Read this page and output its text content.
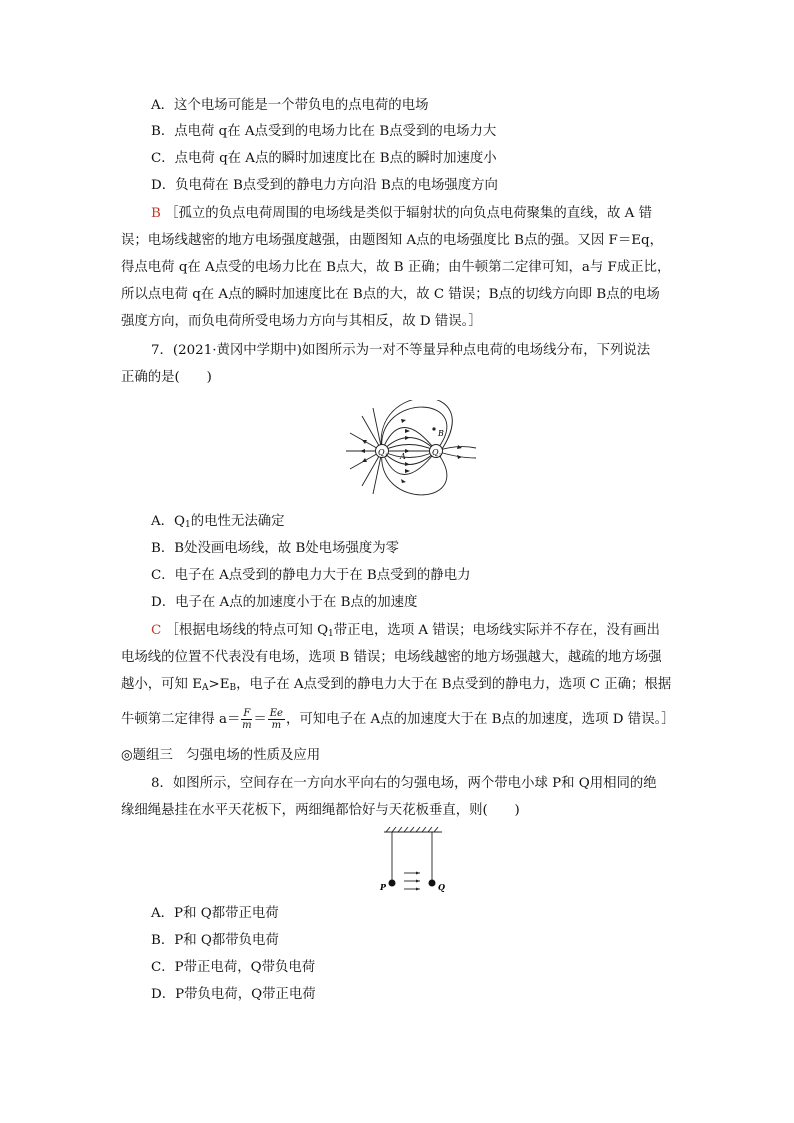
A．这个电场可能是一个带负电的点电荷的电场
B．点电荷 q在 A点受到的电场力比在 B点受到的电场力大
C．点电荷 q在 A点的瞬时加速度比在 B点的瞬时加速度小
D．负电荷在 B点受到的静电力方向沿 B点的电场强度方向
B ［孤立的负点电荷周围的电场线是类似于辐射状的向负点电荷聚集的直线，故 A 错
误；电场线越密的地方电场强度越强，由题图知 A点的电场强度比 B点的强。又因 F＝Eq，
得点电荷 q在 A点受的电场力比在 B点大，故 B 正确；由牛顿第二定律可知，a与 F成正比，
所以点电荷 q在 A点的瞬时加速度比在 B点的大，故 C 错误；B点的切线方向即 B点的电场
强度方向，而负电荷所受电场力方向与其相反，故 D 错误。］
7．(2021·黄冈中学期中)如图所示为一对不等量异种点电荷的电场线分布，下列说法
正确的是(　　)
$Q_1$	$Q_2$
A
B
A．$Q_1$的电性无法确定
B．B处没画电场线，故 B处电场强度为零
C．电子在 A点受到的静电力大于在 B点受到的静电力
D．电子在 A点的加速度小于在 B点的加速度
C ［根据电场线的特点可知 $Q_1$带正电，选项 A 错误；电场线实际并不存在，没有画出
电场线的位置不代表没有电场，选项 B 错误；电场线越密的地方场强越大，越疏的地方场强
越小，可知 $E_A>E_B$，电子在 A点受到的静电力大于在 B点受到的静电力，选项 C 正确；根据
牛顿第二定律得 $a= \frac{F}{m} = \frac{Ee}{m}$ ，可知电子在 A点的加速度大于在 B点的加速度，选项 D 错误。］
◎题组三　匀强电场的性质及应用
8．如图所示，空间存在一方向水平向右的匀强电场，两个带电小球 P和 Q用相同的绝
缘细绳悬挂在水平天花板下，两细绳都恰好与天花板垂直，则(　　)
P	Q
A．P和 Q都带正电荷
B．P和 Q都带负电荷
C．P带正电荷，Q带负电荷
D．P带负电荷，Q带正电荷
